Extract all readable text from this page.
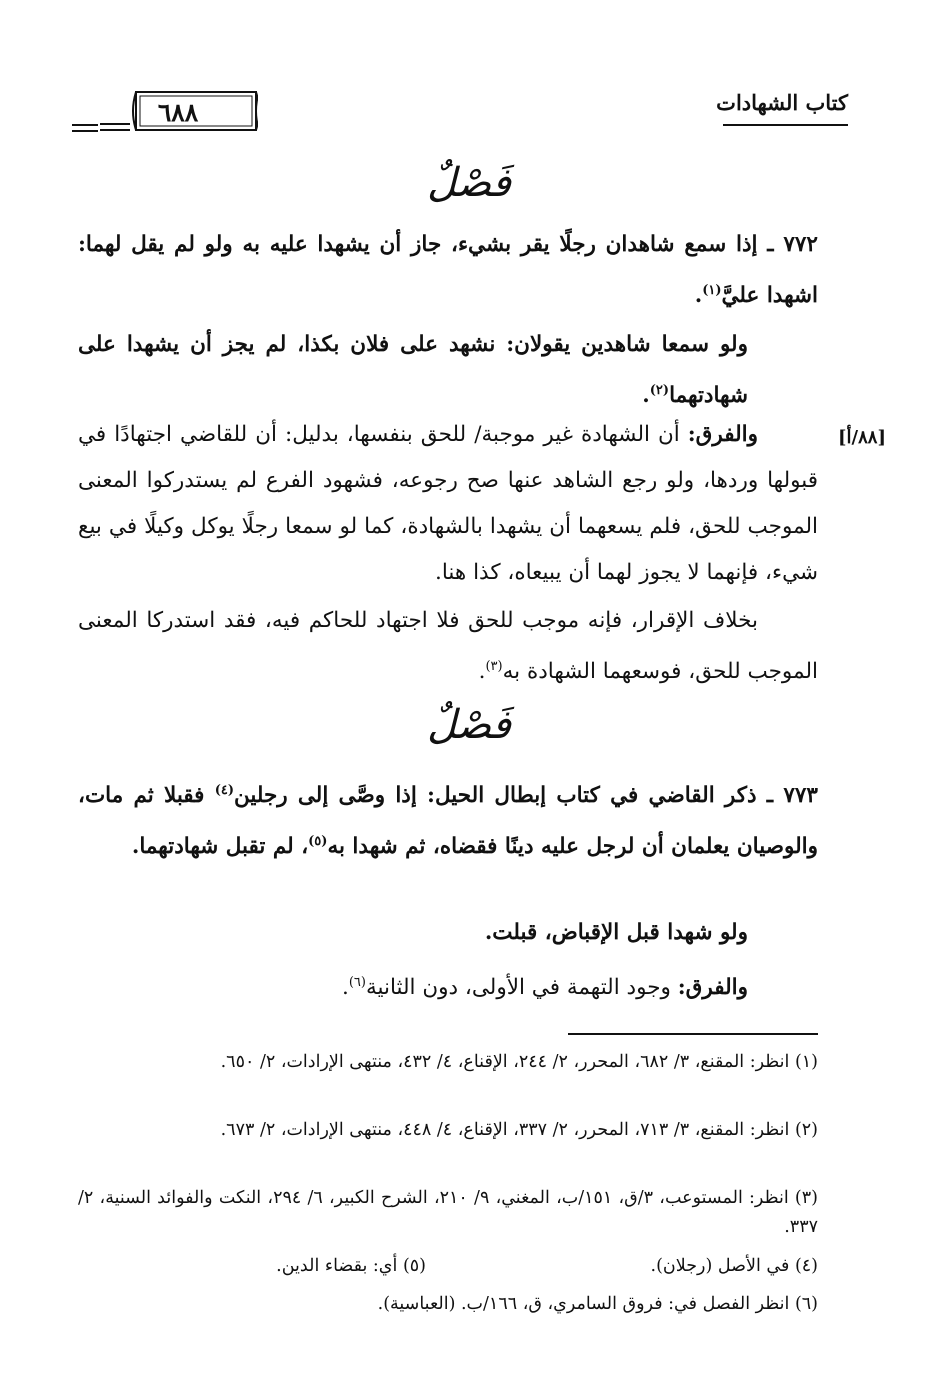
كتاب الشهادات
٦٨٨
فَصْلٌ
٧٧٢ ـ إذا سمع شاهدان رجلًا يقر بشيء، جاز أن يشهدا عليه به ولو لم يقل لهما: اشهدا عليَّ$^{(١)}$.
ولو سمعا شاهدين يقولان: نشهد على فلان بكذا، لم يجز أن يشهدا على شهادتهما$^{(٢)}$.
[٨٨/أ]
والفرق: أن الشهادة غير موجبة/ للحق بنفسها، بدليل: أن للقاضي اجتهادًا في قبولها وردها، ولو رجع الشاهد عنها صح رجوعه، فشهود الفرع لم يستدركوا المعنى الموجب للحق، فلم يسعهما أن يشهدا بالشهادة، كما لو سمعا رجلًا يوكل وكيلًا في بيع شيء، فإنهما لا يجوز لهما أن يبيعاه، كذا هنا.
بخلاف الإقرار، فإنه موجب للحق فلا اجتهاد للحاكم فيه، فقد استدركا المعنى الموجب للحق، فوسعهما الشهادة به$^{(٣)}$.
فَصْلٌ
٧٧٣ ـ ذكر القاضي في كتاب إبطال الحيل: إذا وصَّى إلى رجلين$^{(٤)}$ فقبلا ثم مات، والوصيان يعلمان أن لرجل عليه دينًا فقضاه، ثم شهدا به$^{(٥)}$، لم تقبل شهادتهما.
ولو شهدا قبل الإقباض، قبلت.
والفرق: وجود التهمة في الأولى، دون الثانية$^{(٦)}$.
(١) انظر: المقنع، ٣/ ٦٨٢، المحرر، ٢/ ٢٤٤، الإقناع، ٤/ ٤٣٢، منتهى الإرادات، ٢/ ٦٥٠.
(٢) انظر: المقنع، ٣/ ٧١٣، المحرر، ٢/ ٣٣٧، الإقناع، ٤/ ٤٤٨، منتهى الإرادات، ٢/ ٦٧٣.
(٣) انظر: المستوعب، ٣/ق، ١٥١/ب، المغني، ٩/ ٢١٠، الشرح الكبير، ٦/ ٢٩٤، النكت والفوائد السنية، ٢/ ٣٣٧.
(٤) في الأصل (رجلان).
(٥) أي: بقضاء الدين.
(٦) انظر الفصل في: فروق السامري، ق، ١٦٦/ب. (العباسية).
